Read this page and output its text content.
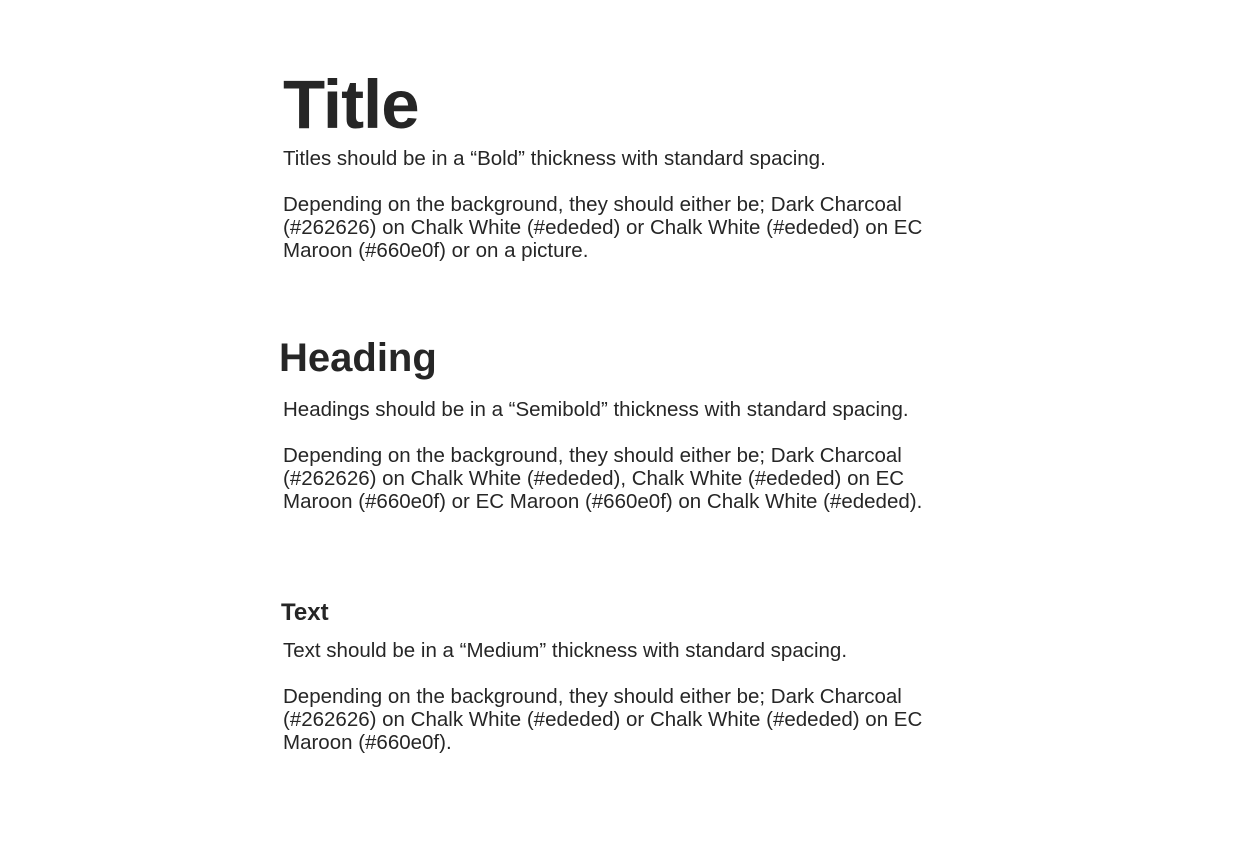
Title

Titles should be in a “Bold” thickness with standard spacing.

Depending on the background, they should either be; Dark Charcoal
(#262626) on Chalk White (#ededed) or Chalk White (#ededed) on EC
Maroon (#660e0f) or on a picture.

Heading

Headings should be in a “Semibold” thickness with standard spacing.

Depending on the background, they should either be; Dark Charcoal
(#262626) on Chalk White (#ededed), Chalk White (#ededed) on EC
Maroon (#660e0f) or EC Maroon (#660e0f) on Chalk White (#ededed).

Text

Text should be in a “Medium” thickness with standard spacing.

Depending on the background, they should either be; Dark Charcoal
(#262626) on Chalk White (#ededed) or Chalk White (#ededed) on EC
Maroon (#660e0f).
